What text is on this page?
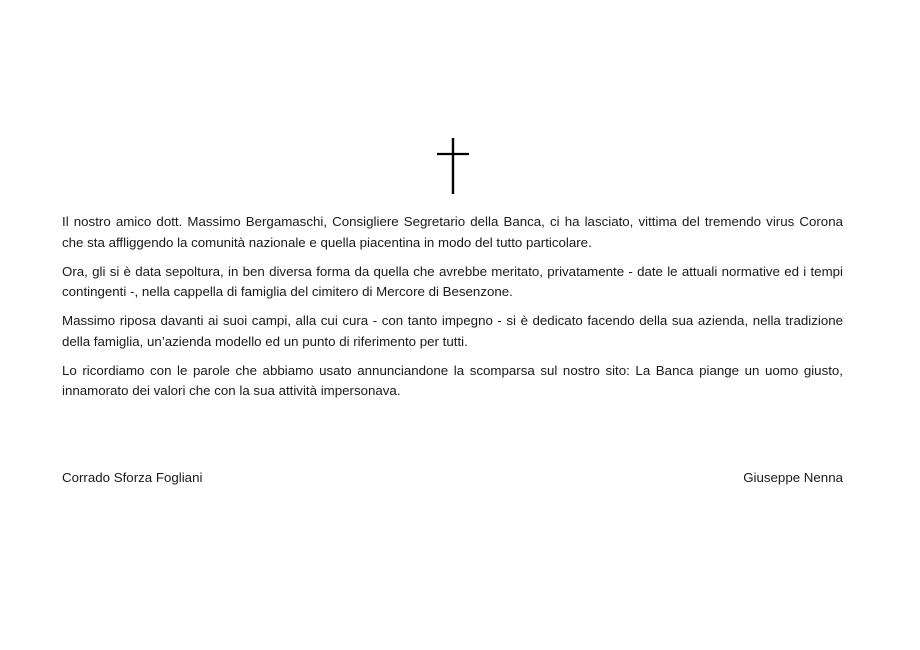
Il nostro amico dott. Massimo Bergamaschi, Consigliere Segretario della Banca, ci ha lasciato, vittima del tremendo virus Corona che sta affliggendo la comunità nazionale e quella piacentina in modo del tutto particolare.

Ora, gli si è data sepoltura, in ben diversa forma da quella che avrebbe meritato, privatamente - date le attuali normative ed i tempi contingenti -, nella cappella di famiglia del cimitero di Mercore di Besenzone.

Massimo riposa davanti ai suoi campi, alla cui cura - con tanto impegno - si è dedicato facendo della sua azienda, nella tradizione della famiglia, un’azienda modello ed un punto di riferimento per tutti.

Lo ricordiamo con le parole che abbiamo usato annunciandone la scomparsa sul nostro sito: La Banca piange un uomo giusto, innamorato dei valori che con la sua attività impersonava.

Corrado Sforza Fogliani	Giuseppe Nenna
